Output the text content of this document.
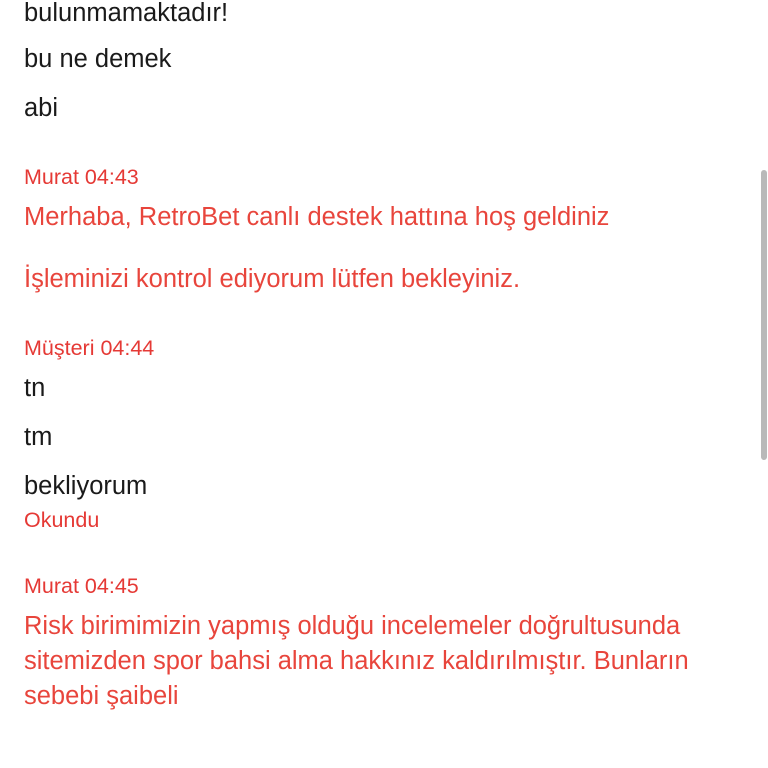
bulunmamaktadır!
bu ne demek
abi
Murat 04:43
Merhaba, RetroBet canlı destek hattına hoş geldiniz
İşleminizi kontrol ediyorum lütfen bekleyiniz.
Müşteri 04:44
tn
tm
bekliyorum
Okundu
Murat 04:45
Risk birimimizin yapmış olduğu incelemeler doğrultusunda sitemizden spor bahsi alma hakkınız kaldırılmıştır. Bunların sebebi şaibeli
